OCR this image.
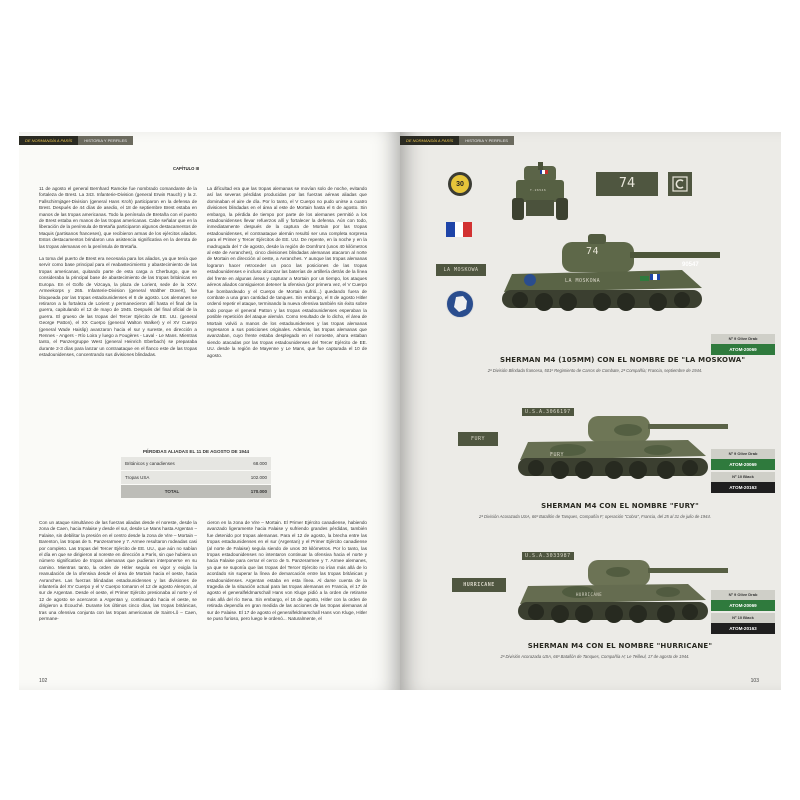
DE NORMANDÍA A PARÍS	HISTORIA Y PERFILES
CAPÍTULO III

11 de agosto el general Bernhard Ramcke fue nombrado comandante de la fortaleza de Brest. La 343. Infanterie-Division (general Erwin Rauch) y la 2. Fallschirmjäger-Division (general Hans Kroh) participaron en la defensa de Brest. Después de 44 días de asedio, el 18 de septiembre Brest estaba en manos de las tropas americanas. Todo la península de Bretaña con el puerto de Brest estaba en manos de las tropas americanas. Cabe señalar que en la liberación de la península de Bretaña participaron algunos destacamentos de Maquis (partisanos franceses), que recibieron armas de los ejércitos aliados. Estos destacamentos brindaron una asistencia significativa en la derrota de las tropas alemanas en la península de Bretaña.

La toma del puerto de Brest era necesaria para los aliados, ya que tenía que servir como base principal para el reabastecimiento y abastecimiento de las tropas americanas, quitando parte de esta carga a Cherburgo, que se consideraba la principal base de abastecimiento de las tropas británicas en Europa. En el Golfo de Vizcaya, la plaza de Lorient, sede de la XXV. Armeekorps y 265. Infanterie-Division (general Walther Düvert), fue bloqueada por las tropas estadounidenses el 8 de agosto. Los alemanes se retiraron a la fortaleza de Lorient y permanecieron allí hasta el final de la guerra, capitulando el 12 de mayo de 1945. Después del final oficial de la guerra. El grueso de las tropas del Tercer Ejército de EE. UU. (general George Patton), el XX Cuerpo (general Walton Walker) y el XV Cuerpo (general Wade Haislip) avanzaron hacia el sur y sureste, en dirección a Rennes - Angers - Río Loira y luego a Fougères - Laval - Le Mans. Mientras tanto, el Panzergruppe West (general Heinrich Eberbach) se preparaba durante 2-3 días para lanzar un contraataque en el flanco este de las tropas estadounidenses, concentrando sus divisiones blindadas.

La dificultad era que las tropas alemanas se movían solo de noche, evitando así las severas pérdidas producidas por las fuerzas aéreas aliadas que dominaban el aire de día. Por lo tanto, el V Cuerpo no pudo unirse a cuatro divisiones blindadas en el área al este de Mortain hasta el 6 de agosto. Sin embargo, la pérdida de tiempo por parte de los alemanes permitió a los estadounidenses llevar refuerzos allí y fortalecer la defensa. Aún con todo, inmediatamente después de la captura de Mortain por las tropas estadounidenses, el contraataque alemán resultó ser una completa sorpresa para el Primer y Tercer Ejércitos de EE. UU. De repente, en la noche y en la madrugada del 7 de agosto, desde la región de Domfront (unos 40 kilómetros al este de Avranches), cinco divisiones blindadas alemanas atacaron al norte de Mortain en dirección al oeste, a Avranches. Y aunque las tropas alemanas lograron hacer retroceder un poco las posiciones de las tropas estadounidenses e incluso alcanzar las baterías de artillería detrás de la línea del frente en algunas áreas y capturar a Mortain por un tiempo, los ataques aéreos aliados consiguieron detener la ofensiva (por primera vez, el V Cuerpo fue bombardeado y el Cuerpo de Mortain sufrió...) quedando fuera de combate a una gran cantidad de tanques. Sin embargo, el 8 de agosto Hitler ordenó repetir el ataque, terminando la nueva ofensiva también sin éxito sobre todo porque el general Patton y las tropas estadounidenses esperaban la posible repetición del ataque alemán. Como resultado de lo dicho, el área de Mortain volvió a manos de los estadounidenses y las tropas alemanas regresaron a sus posiciones originales. Además, las tropas alemanas que avanzaban, cuyo frente estaba desplegado en el noroeste, ahora estaban siendo atacadas por las tropas estadounidenses del Tercer Ejército de EE. UU. desde la región de Mayenne y Le Mans, que fue capturada el 10 de agosto.

PÉRDIDAS ALIADAS EL 11 DE AGOSTO DE 1944
Británicos y canadienses	68.000
Tropas USA	102.000
TOTAL	170.000

Con un ataque simultáneo de las fuerzas aliadas desde el noreste, desde la zona de Caen, hacia Falaise y desde el sur, desde Le Mans hasta Argentan – Falaise, sin debilitar la presión en el centro desde la zona de Vire – Mortain – Barenton, las tropas de 5. Panzerarmee y 7. Armee resultaron rodeadas casi por completo. Las tropas del Tercer Ejército de EE. UU., que aún no sabían el día en que se dirigieron al noreste en dirección a París, sin que hubiera un número significativo de tropas alemanas que pudieran interponerse en su camino. Mientras tanto, la orden de Hitler seguía en vigor y exigía la reanudación de la ofensiva desde el área de Mortain hacia el oeste, hacia Avranches. Las fuerzas blindadas estadounidenses y las divisiones de infantería del XV Cuerpo y el V Cuerpo tomaron el 12 de agosto Alençon, al sur de Argentan. Desde el oeste, el Primer Ejército presionaba al norte y el 12 de agosto se acercaron a Argentan y, continuando hacia el oeste, se dirigieron a Écouché. Durante los últimos cinco días, las tropas británicas, tras una ofensiva conjunta con las tropas americanas de Saint-Lô – Caen, permane-

cieron en la zona de Vire – Mortain. El Primer Ejército canadiense, habiendo avanzado ligeramente hacia Falaise y sufriendo grandes pérdidas, también fue detenido por tropas alemanas. Para el 12 de agosto, la brecha entre las tropas estadounidenses en el sur (Argentan) y el Primer Ejército canadiense (al norte de Falaise) seguía siendo de unos 30 kilómetros. Por lo tanto, las tropas estadounidenses no intentaron continuar la ofensiva hacia el norte y hacia Falaise para cerrar el cerco de 5. Panzerarmee y 7. Armee alemanes, ya que se suponía que las tropas del Tercer Ejército no irían más allá de lo acordado sin superar la línea de demarcación entre las tropas británicas y estadounidenses. Argentan estaba en esta línea. Al darse cuenta de la tragedia de la situación actual para las tropas alemanas en Francia, el 17 de agosto el generalfeldmarschall Hans von Kluge pidió a la orden de retirarse más allá del río Sena. Sin embargo, el 16 de agosto, Hitler con la orden de retirada dependía en gran medida de las acciones de las tropas alemanas al sur de Falaise. El 17 de agosto el generalfeldmarschall Hans von Kluge, Hitler se puso furioso, pero luego le ordenó... Naturalmente, el

102
DE NORMANDÍA A PARÍS	HISTORIA Y PERFILES
30
T-26546	74
LA MOSKOWA
74
LA MOSKOWA
90547
Nº 9 Olive Drab
ATOM-20069
SHERMAN M4 (105MM) CON EL NOMBRE DE "LA MOSKOWA"
2ª División Blindada francesa, 501º Regimiento de Carros de Combate, 2ª Compañía; Francia, septiembre de 1944.
U.S.A.3066197
FURY
FURY	Nº 9 Olive Drab
ATOM-20069
Nº 10 Black
ATOM-20163
SHERMAN M4 CON EL NOMBRE "FURY"
2ª División Acorazada USA, 66º Batallón de Tanques, Compañía F; operación "Cobra", Francia, del 25 al 31 de julio de 1944.
U.S.A.3033987
HURRICANE
HURRICANE	Nº 9 Olive Drab
ATOM-20069
Nº 10 Black
ATOM-20163
SHERMAN M4 CON EL NOMBRE "HURRICANE"
2ª División Acorazada USA, 66º Batallón de Tanques, Compañía H; Le Teilleul, 17 de agosto de 1944.
103
